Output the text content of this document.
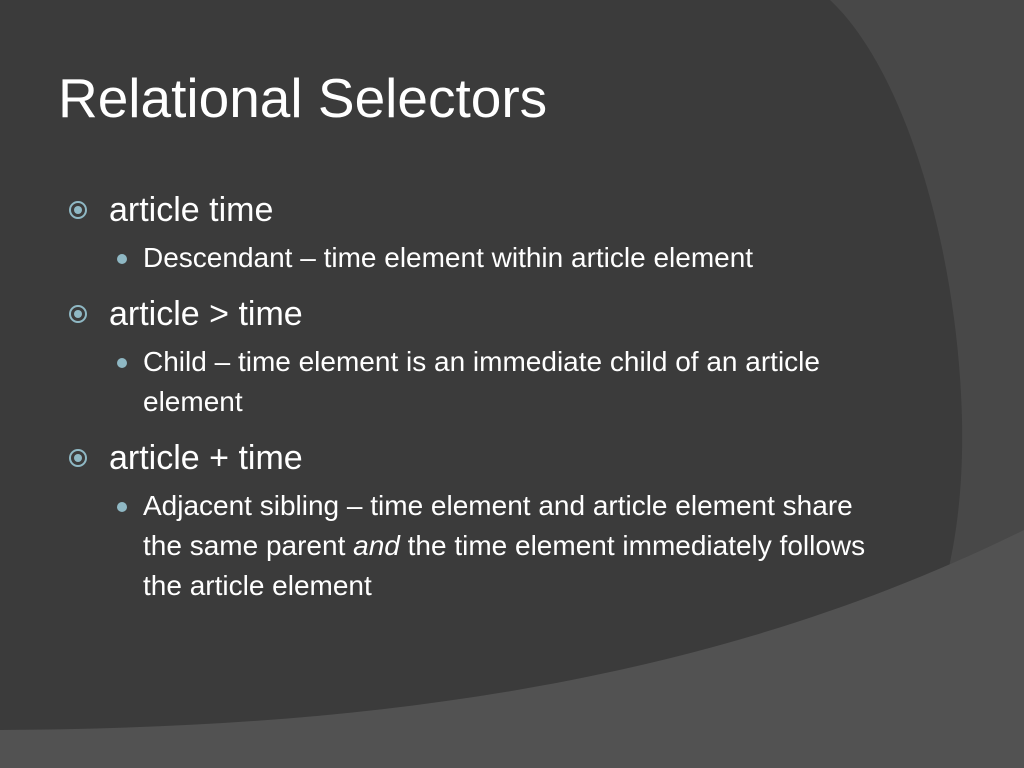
Relational Selectors
article time
Descendant – time element within article element
article > time
Child – time element is an immediate child of an article element
article + time
Adjacent sibling – time element and article element share the same parent and the time element immediately follows the article element
